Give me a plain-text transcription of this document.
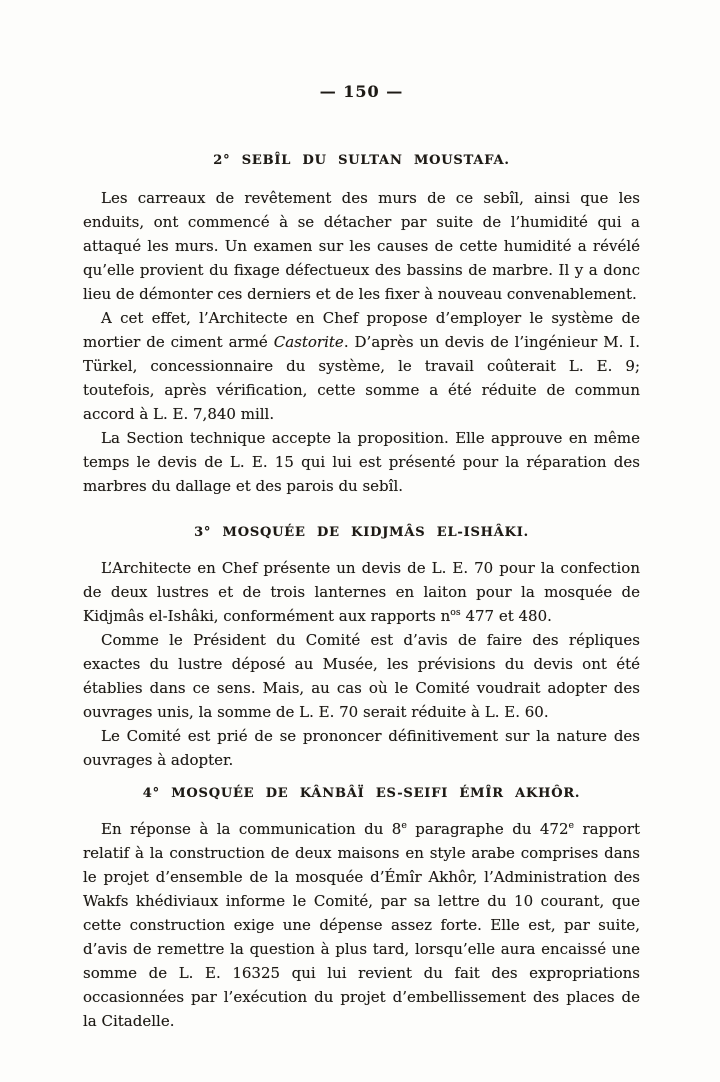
— 150 —
2° SEBÎL DU SULTAN MOUSTAFA.

Les carreaux de revêtement des murs de ce sebîl, ainsi que les enduits, ont commencé à se détacher par suite de l’humidité qui a attaqué les murs. Un examen sur les causes de cette humidité a révélé qu’elle provient du fixage défectueux des bassins de marbre. Il y a donc lieu de démonter ces derniers et de les fixer à nouveau convenablement.

A cet effet, l’Architecte en Chef propose d’employer le système de mortier de ciment armé Castorite. D’après un devis de l’ingénieur M. I. Türkel, concessionnaire du système, le travail coûterait L. E. 9; toutefois, après vérification, cette somme a été réduite de commun accord à L. E. 7,840 mill.

La Section technique accepte la proposition. Elle approuve en même temps le devis de L. E. 15 qui lui est présenté pour la réparation des marbres du dallage et des parois du sebîl.

3° MOSQUÉE DE KIDJMÂS EL-ISHÂKI.

L’Architecte en Chef présente un devis de L. E. 70 pour la confection de deux lustres et de trois lanternes en laiton pour la mosquée de Kidjmâs el-Ishâki, conformément aux rapports $n^{os}$ 477 et 480.

Comme le Président du Comité est d’avis de faire des répliques exactes du lustre déposé au Musée, les prévisions du devis ont été établies dans ce sens. Mais, au cas où le Comité voudrait adopter des ouvrages unis, la somme de L. E. 70 serait réduite à L. E. 60.

Le Comité est prié de se prononcer définitivement sur la nature des ouvrages à adopter.

4° MOSQUÉE DE KÂNBÂÏ ES-SEIFI ÉMÎR AKHÔR.

En réponse à la communication du 8e paragraphe du 472e rapport relatif à la construction de deux maisons en style arabe comprises dans le projet d’ensemble de la mosquée d’Émîr Akhôr, l’Administration des Wakfs khédiviaux informe le Comité, par sa lettre du 10 courant, que cette construction exige une dépense assez forte. Elle est, par suite, d’avis de remettre la question à plus tard, lorsqu’elle aura encaissé une somme de L. E. 16325 qui lui revient du fait des expropriations occasionnées par l’exécution du projet d’embellissement des places de la Citadelle.
